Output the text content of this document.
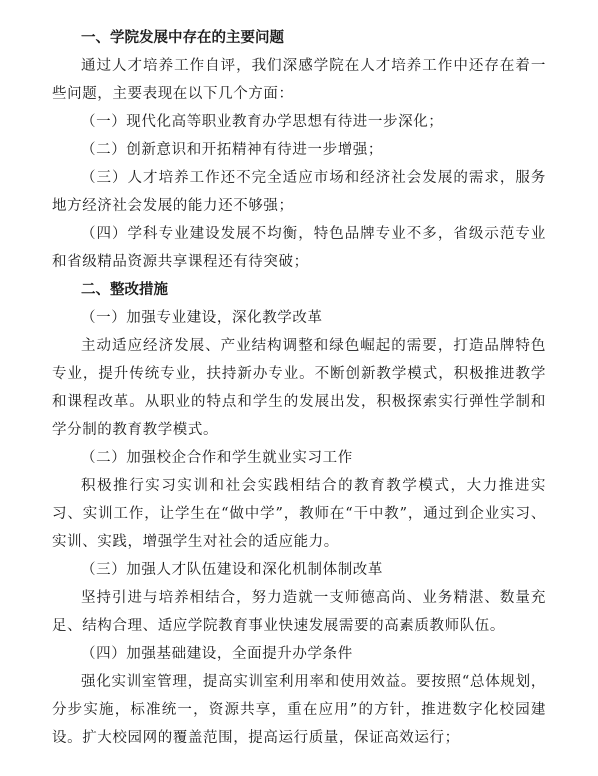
一、学院发展中存在的主要问题

通过人才培养工作自评，我们深感学院在人才培养工作中还存在着一些问题，主要表现在以下几个方面：

（一）现代化高等职业教育办学思想有待进一步深化；

（二）创新意识和开拓精神有待进一步增强；

（三）人才培养工作还不完全适应市场和经济社会发展的需求，服务地方经济社会发展的能力还不够强；

（四）学科专业建设发展不均衡，特色品牌专业不多，省级示范专业和省级精品资源共享课程还有待突破；

二、整改措施

（一）加强专业建设，深化教学改革

主动适应经济发展、产业结构调整和绿色崛起的需要，打造品牌特色专业，提升传统专业，扶持新办专业。不断创新教学模式，积极推进教学和课程改革。从职业的特点和学生的发展出发，积极探索实行弹性学制和学分制的教育教学模式。

（二）加强校企合作和学生就业实习工作

积极推行实习实训和社会实践相结合的教育教学模式，大力推进实习、实训工作，让学生在“做中学”，教师在“干中教”，通过到企业实习、实训、实践，增强学生对社会的适应能力。

（三）加强人才队伍建设和深化机制体制改革

坚持引进与培养相结合，努力造就一支师德高尚、业务精湛、数量充足、结构合理、适应学院教育事业快速发展需要的高素质教师队伍。

（四）加强基础建设，全面提升办学条件

强化实训室管理，提高实训室利用率和使用效益。要按照“总体规划，分步实施，标准统一，资源共享，重在应用”的方针，推进数字化校园建设。扩大校园网的覆盖范围，提高运行质量，保证高效运行；
